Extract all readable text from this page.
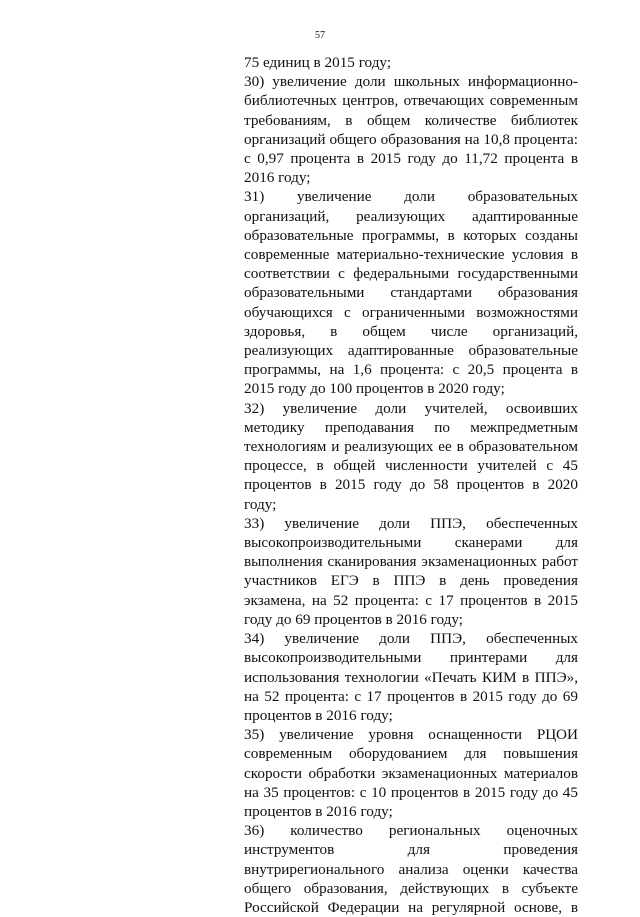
57

75 единиц в 2015 году;

30) увеличение доли школьных информационно-библиотечных центров, отвечающих современным требованиям, в общем количестве библиотек организаций общего образования на 10,8 процента: с 0,97 процента в 2015 году до 11,72 процента в 2016 году;

31) увеличение доли образовательных организаций, реализующих адаптированные образовательные программы, в которых созданы современные материально-технические условия в соответствии с федеральными государственными образовательными стандартами образования обучающихся с ограниченными возможностями здоровья, в общем числе организаций, реализующих адаптированные образовательные программы, на 1,6 процента: с 20,5 процента в 2015 году до 100 процентов в 2020 году;

32) увеличение доли учителей, освоивших методику преподавания по межпредметным технологиям и реализующих ее в образовательном процессе, в общей численности учителей с 45 процентов в 2015 году до 58 процентов в 2020 году;

33) увеличение доли ППЭ, обеспеченных высокопроизводительными сканерами для выполнения сканирования экзаменационных работ участников ЕГЭ в ППЭ в день проведения экзамена, на 52 процента: с 17 процентов в 2015 году до 69 процентов в 2016 году;

34) увеличение доли ППЭ, обеспеченных высокопроизводительными принтерами для использования технологии «Печать КИМ в ППЭ», на 52 процента: с 17 процентов в 2015 году до 69 процентов в 2016 году;

35) увеличение уровня оснащенности РЦОИ современным оборудованием для повышения скорости обработки экзаменационных материалов на 35 процентов: с 10 процентов в 2015 году до 45 процентов в 2016 году;

36) количество региональных оценочных инструментов для проведения внутрирегионального анализа оценки качества общего образования, действующих в субъекте Российской Федерации на регулярной основе, в
